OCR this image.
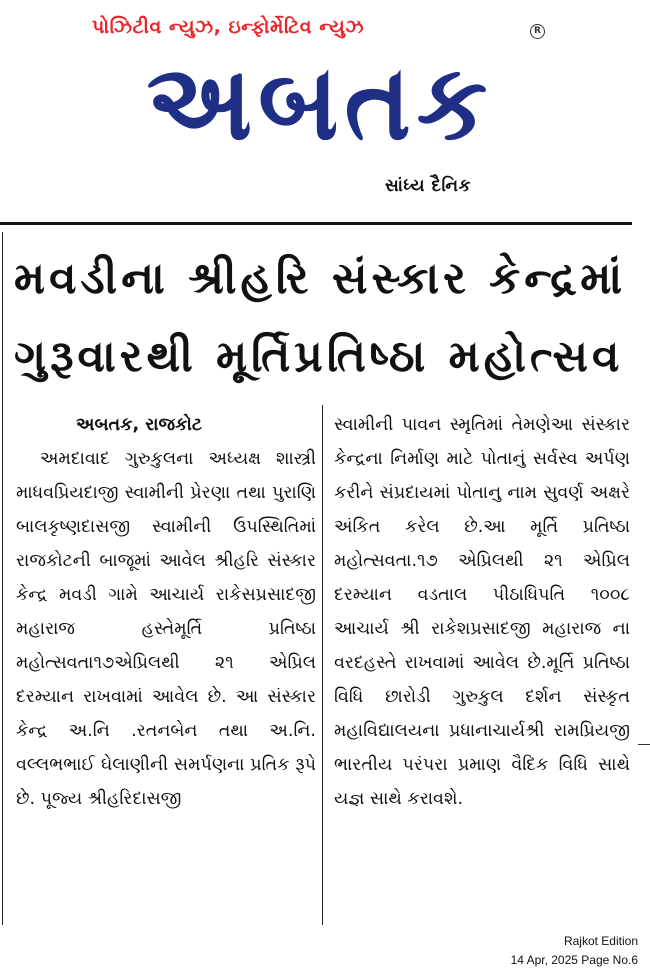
પોઝિટીવ ન્યુઝ, ઇન્ફોર્મેટિવ ન્યુઝ	R
અબતક
સાંધ્ય દૈનિક
મવડીના શ્રીહરિ સંસ્કાર કેન્દ્રમાં
ગુરૂવારથી મૂર્તિપ્રતિષ્ઠા મહોત્સવ
અબતક, રાજકોટ
અમદાવાદ ગુરુકુલના અધ્યક્ષ શાસ્ત્રી માધવપ્રિયદાજી સ્વામીની પ્રેરણા તથા પુરાણિ બાલકૃષ્ણદાસજી સ્વામીની ઉપસ્થિતિમાં રાજકોટની બાજૂમાં આવેલ શ્રીહરિ સંસ્કાર કેન્દ્ર મવડી ગામે આચાર્ય રાકેસપ્રસાદજી મહારાજ હસ્તેમૂર્તિ પ્રતિષ્ઠા મહોત્સવતા૧૭એપ્રિલથી ૨૧ એપ્રિલ દરમ્યાન રાખવામાં આવેલ છે. આ સંસ્કાર કેન્દ્ર અ.નિ .રતનબેન તથા અ.નિ. વલ્લભભાઈ ઘેલાણીની સમર્પણના પ્રતિક રૂપે છે. પૂજ્ય શ્રીહરિદાસજી
સ્વામીની પાવન સ્મૃતિમાં તેમણેઆ સંસ્કાર કેન્દ્રના નિર્માણ માટે પોતાનું સર્વસ્વ અર્પણ કરીને સંપ્રદાયમાં પોતાનુ નામ સુવર્ણ અક્ષરે અંકિત કરેલ છે.આ મૂર્તિ પ્રતિષ્ઠા મહોત્સવતા.૧૭ એપ્રિલથી ૨૧ એપ્રિલ દરમ્યાન વડતાલ પીઠાધિપતિ ૧૦૦૮ આચાર્ય શ્રી રાકેશપ્રસાદજી મહારાજ ના વરદહસ્તે રાખવામાં આવેલ છે.મૂર્તિ પ્રતિષ્ઠા વિધિ છારોડી ગુરુકુલ દર્શન સંસ્કૃત મહાવિદ્યાલયના પ્રધાનાચાર્યશ્રી રામપ્રિયજી ભારતીય પરંપરા પ્રમાણ વૈદિક વિધિ સાથે યજ્ઞ સાથે કરાવશે.
Rajkot Edition
14 Apr, 2025 Page No.6
